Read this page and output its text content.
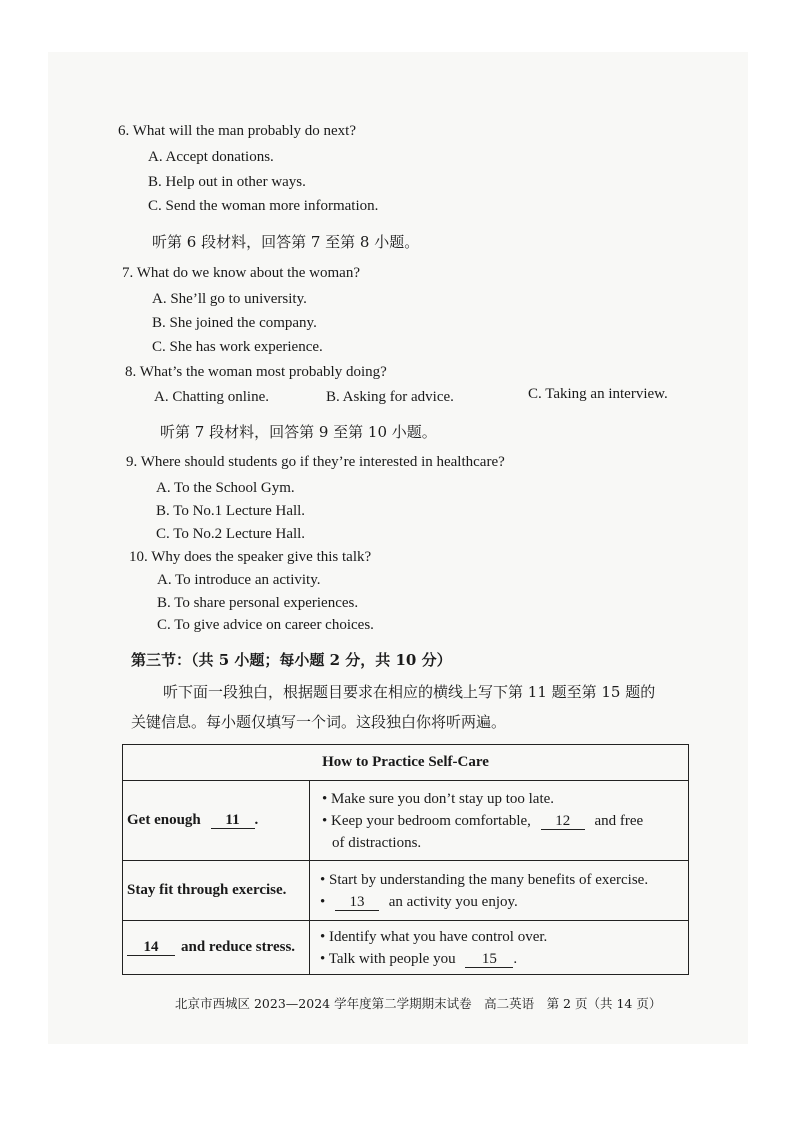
6. What will the man probably do next?
A. Accept donations.
B. Help out in other ways.
C. Send the woman more information.
听第 6 段材料，回答第 7 至第 8 小题。
7. What do we know about the woman?
A. She’ll go to university.
B. She joined the company.
C. She has work experience.
8. What’s the woman most probably doing?
A. Chatting online.	B. Asking for advice.	C. Taking an interview.
听第 7 段材料，回答第 9 至第 10 小题。
9. Where should students go if they’re interested in healthcare?
A. To the School Gym.
B. To No.1 Lecture Hall.
C. To No.2 Lecture Hall.
10. Why does the speaker give this talk?
A. To introduce an activity.
B. To share personal experiences.
C. To give advice on career choices.
第三节：（共 5 小题；每小题 2 分，共 10 分）
听下面一段独白，根据题目要求在相应的横线上写下第 11 题至第 15 题的
关键信息。每小题仅填写一个词。这段独白你将听两遍。
How to Practice Self-Care	
Get enough 11 .	• Make sure you don’t stay up too late.
• Keep your bedroom comfortable, 12 and free
of distractions.

Stay fit through exercise.	• Start by understanding the many benefits of exercise.
• 13 an activity you enjoy.

14 and reduce stress.	• Identify what you have control over.
• Talk with people you 15 .
北京市西城区 2023—2024 学年度第二学期期末试卷　高二英语　第 2 页（共 14 页）
